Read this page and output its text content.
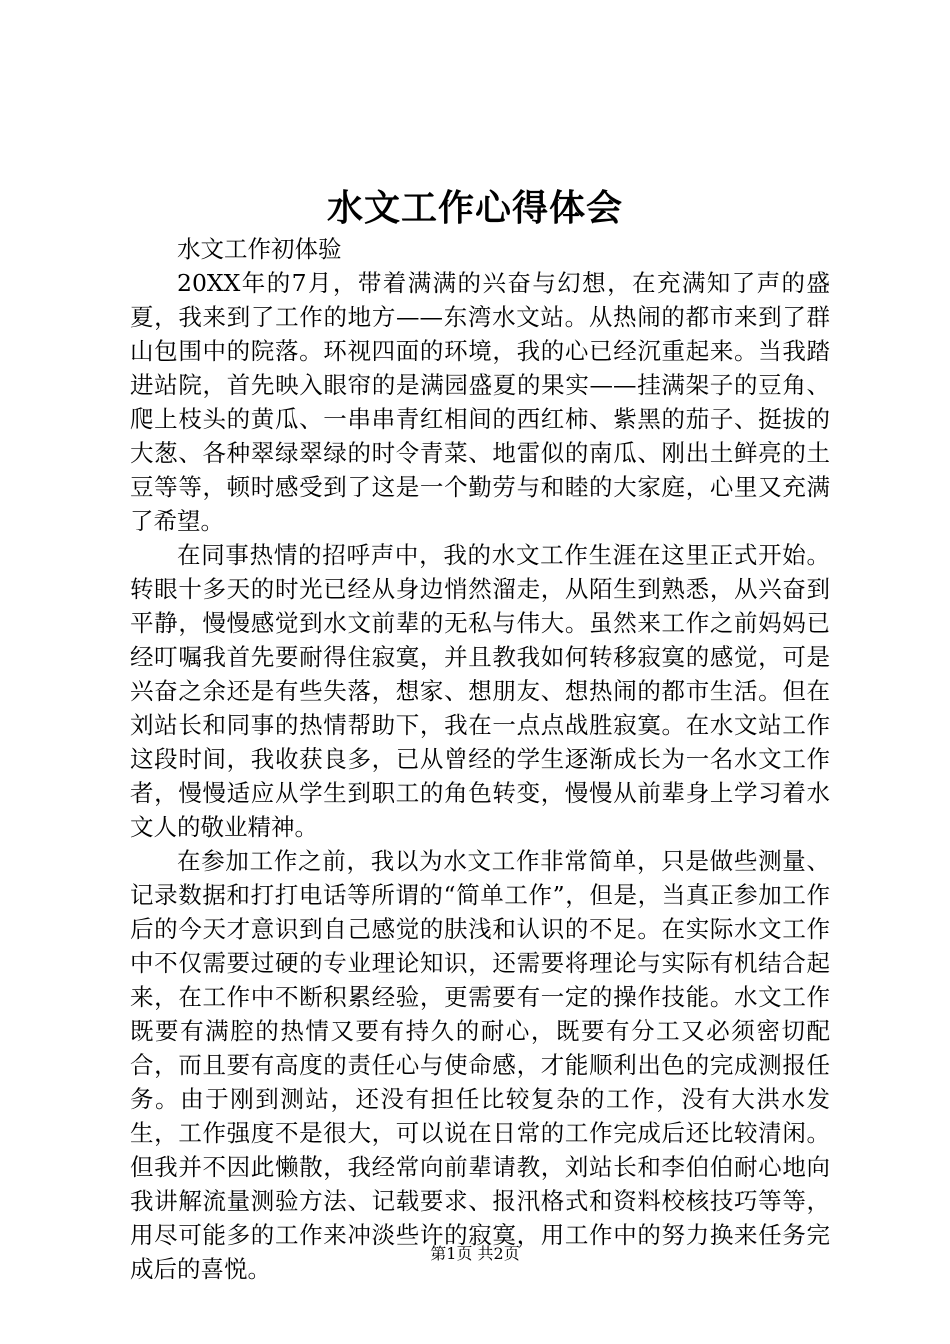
水文工作心得体会

水文工作初体验

20XX年的7月，带着满满的兴奋与幻想，在充满知了声的盛夏，我来到了工作的地方——东湾水文站。从热闹的都市来到了群山包围中的院落。环视四面的环境，我的心已经沉重起来。当我踏进站院，首先映入眼帘的是满园盛夏的果实——挂满架子的豆角、爬上枝头的黄瓜、一串串青红相间的西红柿、紫黑的茄子、挺拔的大葱、各种翠绿翠绿的时令青菜、地雷似的南瓜、刚出土鲜亮的土豆等等，顿时感受到了这是一个勤劳与和睦的大家庭，心里又充满了希望。

在同事热情的招呼声中，我的水文工作生涯在这里正式开始。转眼十多天的时光已经从身边悄然溜走，从陌生到熟悉，从兴奋到平静，慢慢感觉到水文前辈的无私与伟大。虽然来工作之前妈妈已经叮嘱我首先要耐得住寂寞，并且教我如何转移寂寞的感觉，可是兴奋之余还是有些失落，想家、想朋友、想热闹的都市生活。但在刘站长和同事的热情帮助下，我在一点点战胜寂寞。在水文站工作这段时间，我收获良多，已从曾经的学生逐渐成长为一名水文工作者，慢慢适应从学生到职工的角色转变，慢慢从前辈身上学习着水文人的敬业精神。

在参加工作之前，我以为水文工作非常简单，只是做些测量、记录数据和打打电话等所谓的“简单工作”，但是，当真正参加工作后的今天才意识到自己感觉的肤浅和认识的不足。在实际水文工作中不仅需要过硬的专业理论知识，还需要将理论与实际有机结合起来，在工作中不断积累经验，更需要有一定的操作技能。水文工作既要有满腔的热情又要有持久的耐心，既要有分工又必须密切配合，而且要有高度的责任心与使命感，才能顺利出色的完成测报任务。由于刚到测站，还没有担任比较复杂的工作，没有大洪水发生，工作强度不是很大，可以说在日常的工作完成后还比较清闲。但我并不因此懒散，我经常向前辈请教，刘站长和李伯伯耐心地向我讲解流量测验方法、记载要求、报汛格式和资料校核技巧等等，用尽可能多的工作来冲淡些许的寂寞，用工作中的努力换来任务完成后的喜悦。

第1页 共2页
